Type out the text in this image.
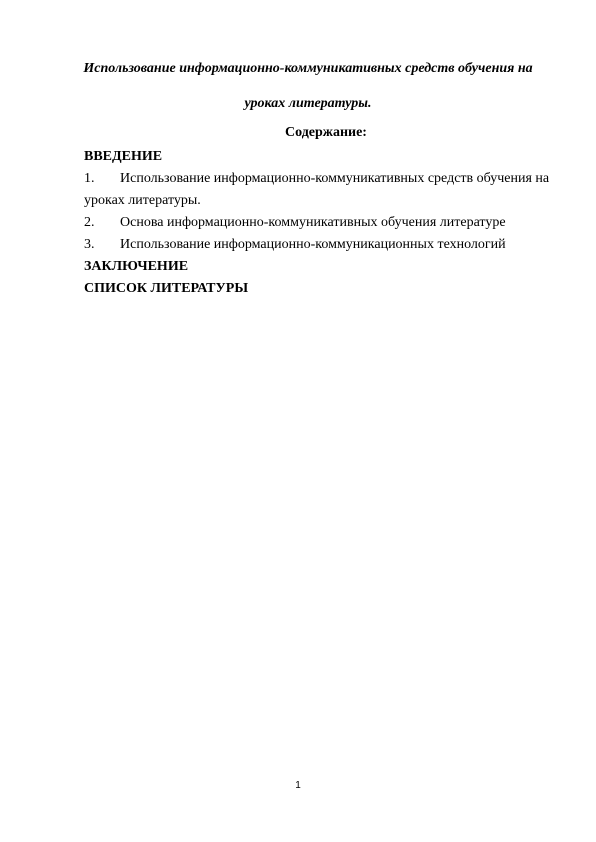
Использование информационно-коммуникативных средств обучения на
уроках литературы.
Содержание:
ВВЕДЕНИЕ
1.	Использование информационно-коммуникативных средств обучения на
уроках литературы.
2.	Основа информационно-коммуникативных обучения литературе
3.	Использование информационно-коммуникационных технологий
ЗАКЛЮЧЕНИЕ
СПИСОК ЛИТЕРАТУРЫ
1
